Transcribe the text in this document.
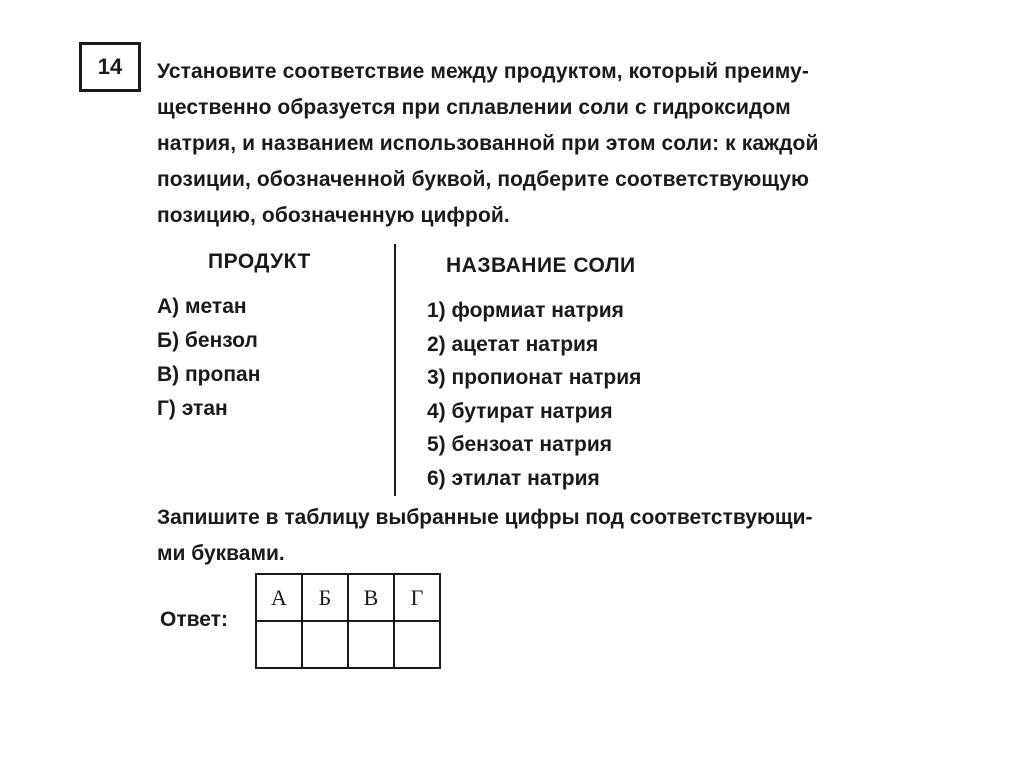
14 Установите соответствие между продуктом, который преиму-
щественно образуется при сплавлении соли с гидроксидом
натрия, и названием использованной при этом соли: к каждой
позиции, обозначенной буквой, подберите соответствующую
позицию, обозначенную цифрой.

ПРОДУКТ	НАЗВАНИЕ СОЛИ
А) метан
Б) бензол
В) пропан
Г) этан
1) формиат натрия
2) ацетат натрия
3) пропионат натрия
4) бутират натрия
5) бензоат натрия
6) этилат натрия
Запишите в таблицу выбранные цифры под соответствующи-
ми буквами.
Ответ:
А	Б	В	Г
